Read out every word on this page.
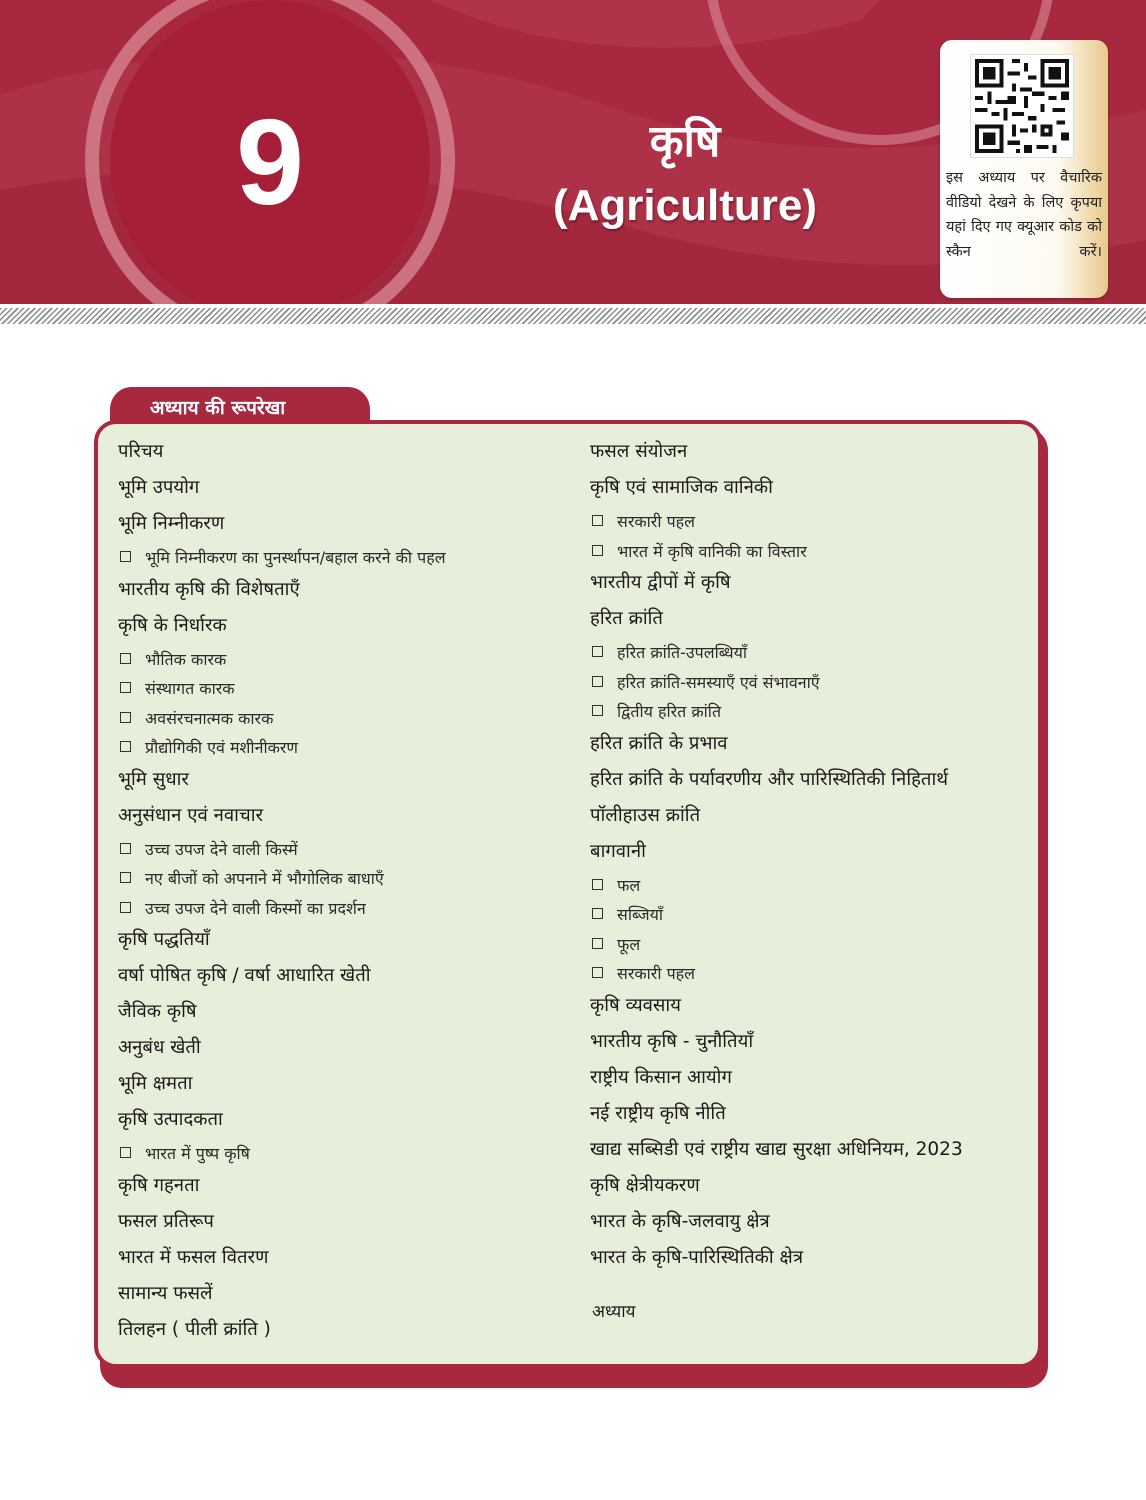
9	कृषि
(Agriculture)
इस अध्याय पर वैचारिक वीडियो देखने के लिए कृपया यहां दिए गए क्यूआर कोड को स्कैन करें।
अध्याय की रूपरेखा
परिचय
भूमि उपयोग
भूमि निम्नीकरण
भूमि निम्नीकरण का पुनर्स्थापन/बहाल करने की पहल
भारतीय कृषि की विशेषताएँ
कृषि के निर्धारक
भौतिक कारक
संस्थागत कारक
अवसंरचनात्मक कारक
प्रौद्योगिकी एवं मशीनीकरण
भूमि सुधार
अनुसंधान एवं नवाचार
उच्च उपज देने वाली किस्में
नए बीजों को अपनाने में भौगोलिक बाधाएँ
उच्च उपज देने वाली किस्मों का प्रदर्शन
कृषि पद्धतियाँ
वर्षा पोषित कृषि / वर्षा आधारित खेती
जैविक कृषि
अनुबंध खेती
भूमि क्षमता
कृषि उत्पादकता
भारत में पुष्प कृषि
कृषि गहनता
फसल प्रतिरूप
भारत में फसल वितरण
सामान्य फसलें
तिलहन ( पीली क्रांति )
फसल संयोजन
कृषि एवं सामाजिक वानिकी
सरकारी पहल
भारत में कृषि वानिकी का विस्तार
भारतीय द्वीपों में कृषि
हरित क्रांति
हरित क्रांति-उपलब्धियाँ
हरित क्रांति-समस्याएँ एवं संभावनाएँ
द्वितीय हरित क्रांति
हरित क्रांति के प्रभाव
हरित क्रांति के पर्यावरणीय और पारिस्थितिकी निहितार्थ
पॉलीहाउस क्रांति
बागवानी
फल
सब्जियाँ
फूल
सरकारी पहल
कृषि व्यवसाय
भारतीय कृषि - चुनौतियाँ
राष्ट्रीय किसान आयोग
नई राष्ट्रीय कृषि नीति
खाद्य सब्सिडी एवं राष्ट्रीय खाद्य सुरक्षा अधिनियम, 2023
कृषि क्षेत्रीयकरण
भारत के कृषि-जलवायु क्षेत्र
भारत के कृषि-पारिस्थितिकी क्षेत्र
अध्याय
